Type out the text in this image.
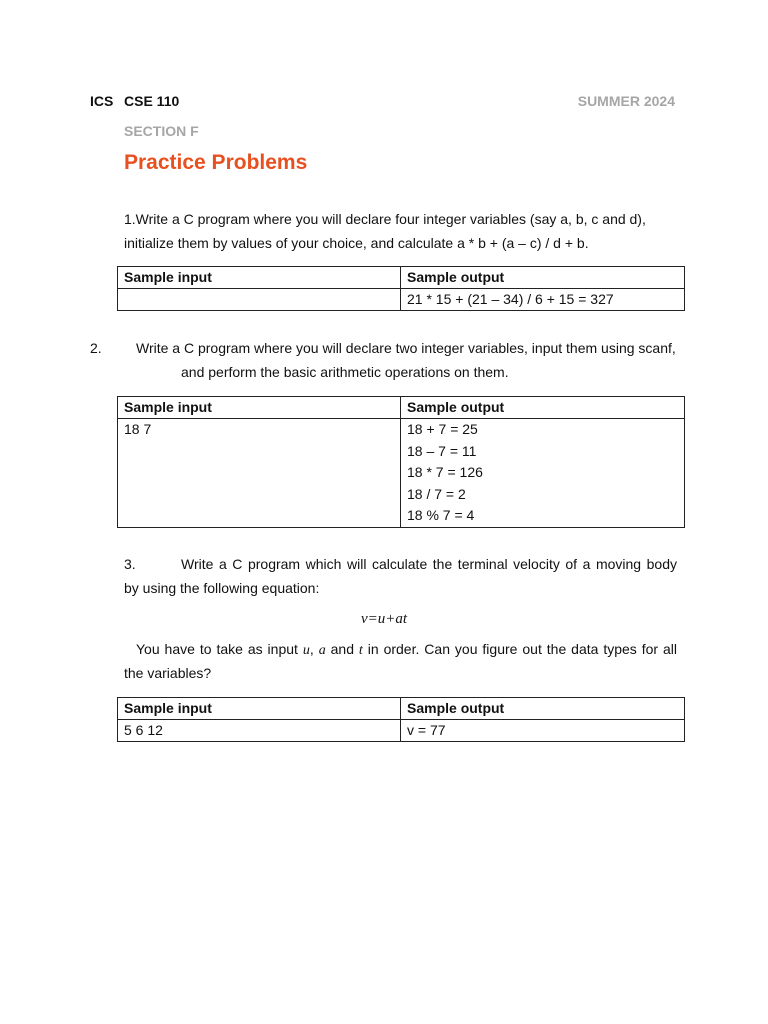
ICS CSE 110	SUMMER 2024
SECTION F
Practice Problems
1.Write a C program where you will declare four integer variables (say a, b, c and d),
initialize them by values of your choice, and calculate a * b + (a – c) / d + b.
Sample input	Sample output
	21 * 15 + (21 – 34) / 6 + 15 = 327
2. Write a C program where you will declare two integer variables, input them using scanf,
and perform the basic arithmetic operations on them.
Sample input	Sample output
18 7	18 + 7 = 25
18 – 7 = 11
18 * 7 = 126
18 / 7 = 2
18 % 7 = 4
3.	Write a C program which will calculate the terminal velocity of a moving body
by using the following equation:
v=u+at
You have to take as input u, a and t in order. Can you figure out the data types for all
the variables?
Sample input	Sample output
5 6 12	v = 77
